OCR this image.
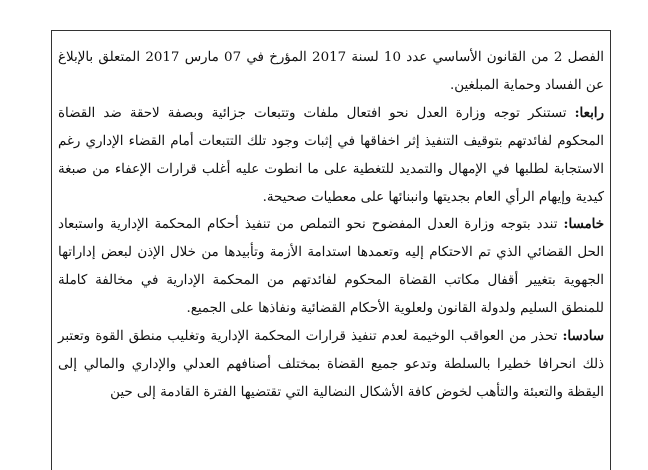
الفصل 2 من القانون الأساسي عدد 10 لسنة 2017 المؤرخ في 07 مارس 2017 المتعلق بالإبلاغ عن الفساد وحماية المبلغين.

رابعا: تستنكر توجه وزارة العدل نحو افتعال ملفات وتتبعات جزائية وبصفة لاحقة ضد القضاة المحكوم لفائدتهم بتوقيف التنفيذ إثر اخفاقها في إثبات وجود تلك التتبعات أمام القضاء الإداري رغم الاستجابة لطلبها في الإمهال والتمديد للتغطية على ما انطوت عليه أغلب قرارات الإعفاء من صبغة كيدية وإيهام الرأي العام بجديتها وانبنائها على معطيات صحيحة.

خامسا: تندد بتوجه وزارة العدل المفضوح نحو التملص من تنفيذ أحكام المحكمة الإدارية واستبعاد الحل القضائي الذي تم الاحتكام إليه وتعمدها استدامة الأزمة وتأبيدها من خلال الإذن لبعض إداراتها الجهوية بتغيير أقفال مكاتب القضاة المحكوم لفائدتهم من المحكمة الإدارية في مخالفة كاملة للمنطق السليم ولدولة القانون ولعلوية الأحكام القضائية ونفاذها على الجميع.

سادسا: تحذر من العواقب الوخيمة لعدم تنفيذ قرارات المحكمة الإدارية وتغليب منطق القوة وتعتبر ذلك انحرافا خطيرا بالسلطة وتدعو جميع القضاة بمختلف أصنافهم العدلي والإداري والمالي إلى اليقظة والتعبئة والتأهب لخوض كافة الأشكال النضالية التي تقتضيها الفترة القادمة إلى حين
